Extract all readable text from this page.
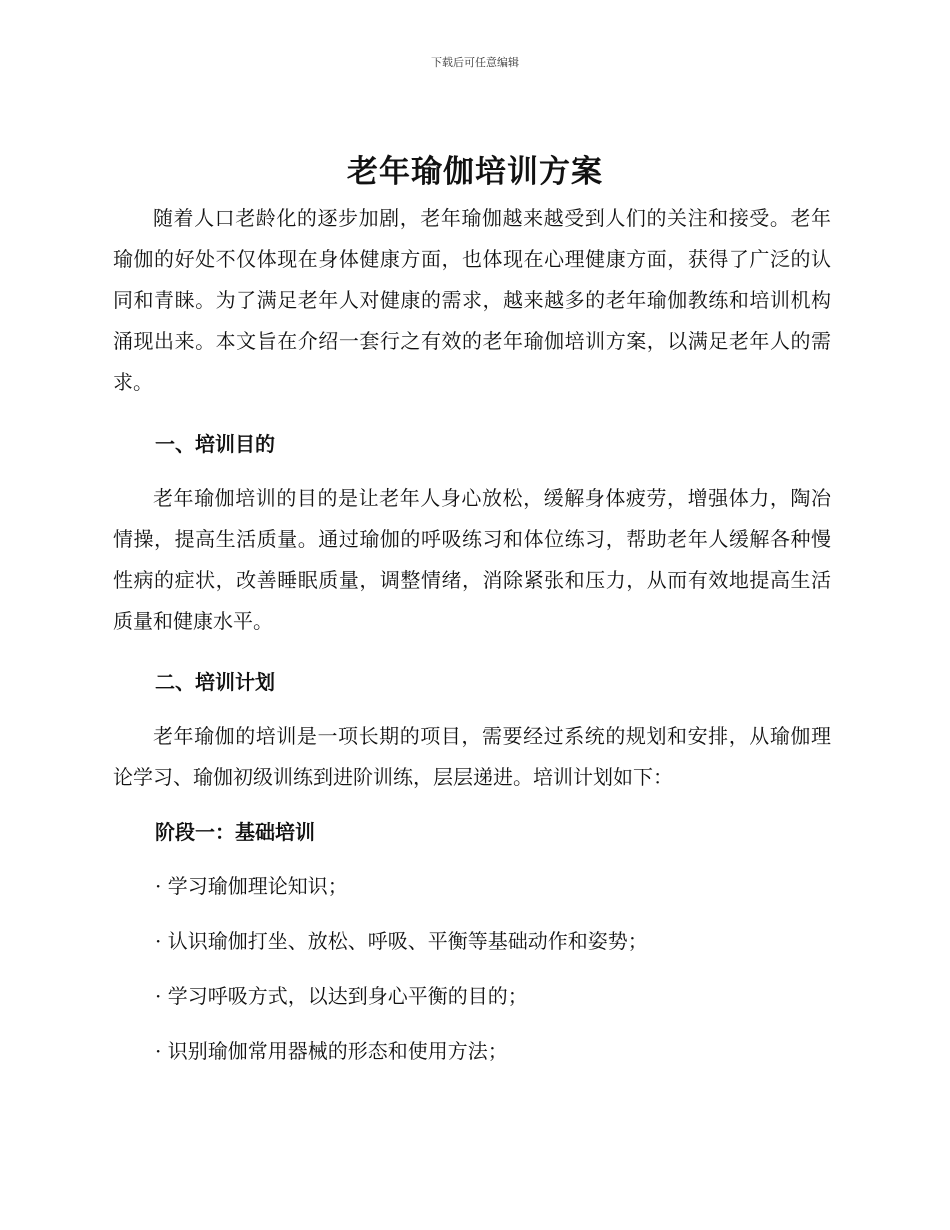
下载后可任意编辑
老年瑜伽培训方案

随着人口老龄化的逐步加剧，老年瑜伽越来越受到人们的关注和接受。老年瑜伽的好处不仅体现在身体健康方面，也体现在心理健康方面，获得了广泛的认同和青睐。为了满足老年人对健康的需求，越来越多的老年瑜伽教练和培训机构涌现出来。本文旨在介绍一套行之有效的老年瑜伽培训方案，以满足老年人的需求。

一、培训目的

老年瑜伽培训的目的是让老年人身心放松，缓解身体疲劳，增强体力，陶冶情操，提高生活质量。通过瑜伽的呼吸练习和体位练习，帮助老年人缓解各种慢性病的症状，改善睡眠质量，调整情绪，消除紧张和压力，从而有效地提高生活质量和健康水平。

二、培训计划

老年瑜伽的培训是一项长期的项目，需要经过系统的规划和安排，从瑜伽理论学习、瑜伽初级训练到进阶训练，层层递进。培训计划如下：

阶段一：基础培训

· 学习瑜伽理论知识；

· 认识瑜伽打坐、放松、呼吸、平衡等基础动作和姿势；

· 学习呼吸方式，以达到身心平衡的目的；

· 识别瑜伽常用器械的形态和使用方法；
